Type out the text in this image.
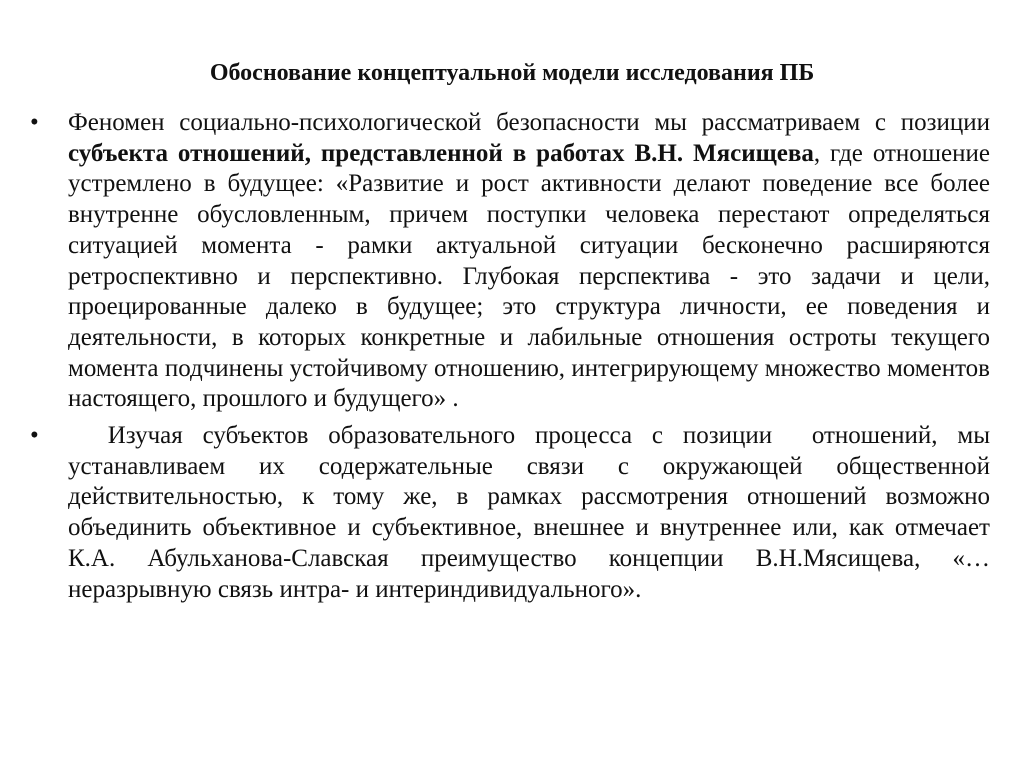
Обоснование концептуальной модели исследования ПБ
•	Феномен социально-психологической безопасности мы рассматриваем с позиции субъекта отношений, представленной в работах В.Н. Мясищева, где отношение устремлено в будущее: «Развитие и рост активности делают поведение все более внутренне обусловленным, причем поступки человека перестают определяться ситуацией момента - рамки актуальной ситуации бесконечно расширяются ретроспективно и перспективно. Глубокая перспектива - это задачи и цели, проецированные далеко в будущее; это структура личности, ее поведения и деятельности, в которых конкретные и лабильные отношения остроты текущего момента подчинены устойчивому отношению, интегрирующему множество моментов настоящего, прошлого и будущего» .

•	Изучая субъектов образовательного процесса с позиции  отношений, мы устанавливаем их содержательные связи с окружающей общественной действительностью, к тому же, в рамках рассмотрения отношений возможно объединить объективное и субъективное, внешнее и внутреннее или, как отмечает К.А. Абульханова-Славская преимущество концепции В.Н.Мясищева, «… неразрывную связь интра- и интериндивидуального».
